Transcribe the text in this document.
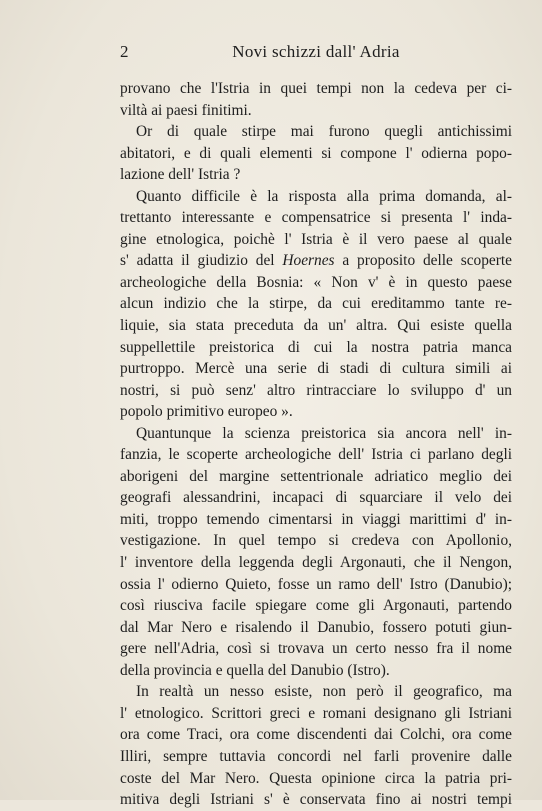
2	Novi schizzi dall' Adria
provano che l'Istria in quei tempi non la cedeva per ci-
viltà ai paesi finitimi.
Or di quale stirpe mai furono quegli antichissimi
abitatori, e di quali elementi si compone l' odierna popo-
lazione dell' Istria ?
Quanto difficile è la risposta alla prima domanda, al-
trettanto interessante e compensatrice si presenta l' inda-
gine etnologica, poichè l' Istria è il vero paese al quale
s' adatta il giudizio del Hoernes a proposito delle scoperte
archeologiche della Bosnia: « Non v' è in questo paese
alcun indizio che la stirpe, da cui ereditammo tante re-
liquie, sia stata preceduta da un' altra. Qui esiste quella
suppellettile preistorica di cui la nostra patria manca
purtroppo. Mercè una serie di stadi di cultura simili ai
nostri, si può senz' altro rintracciare lo sviluppo d' un
popolo primitivo europeo ».
Quantunque la scienza preistorica sia ancora nell' in-
fanzia, le scoperte archeologiche dell' Istria ci parlano degli
aborigeni del margine settentrionale adriatico meglio dei
geografi alessandrini, incapaci di squarciare il velo dei
miti, troppo temendo cimentarsi in viaggi marittimi d' in-
vestigazione. In quel tempo si credeva con Apollonio,
l' inventore della leggenda degli Argonauti, che il Nengon,
ossia l' odierno Quieto, fosse un ramo dell' Istro (Danubio);
così riusciva facile spiegare come gli Argonauti, partendo
dal Mar Nero e risalendo il Danubio, fossero potuti giun-
gere nell'Adria, così si trovava un certo nesso fra il nome
della provincia e quella del Danubio (Istro).
In realtà un nesso esiste, non però il geografico, ma
l' etnologico. Scrittori greci e romani designano gli Istriani
ora come Traci, ora come discendenti dai Colchi, ora come
Illiri, sempre tuttavia concordi nel farli provenire dalle
coste del Mar Nero. Questa opinione circa la patria pri-
mitiva degli Istriani s' è conservata fino ai nostri tempi
